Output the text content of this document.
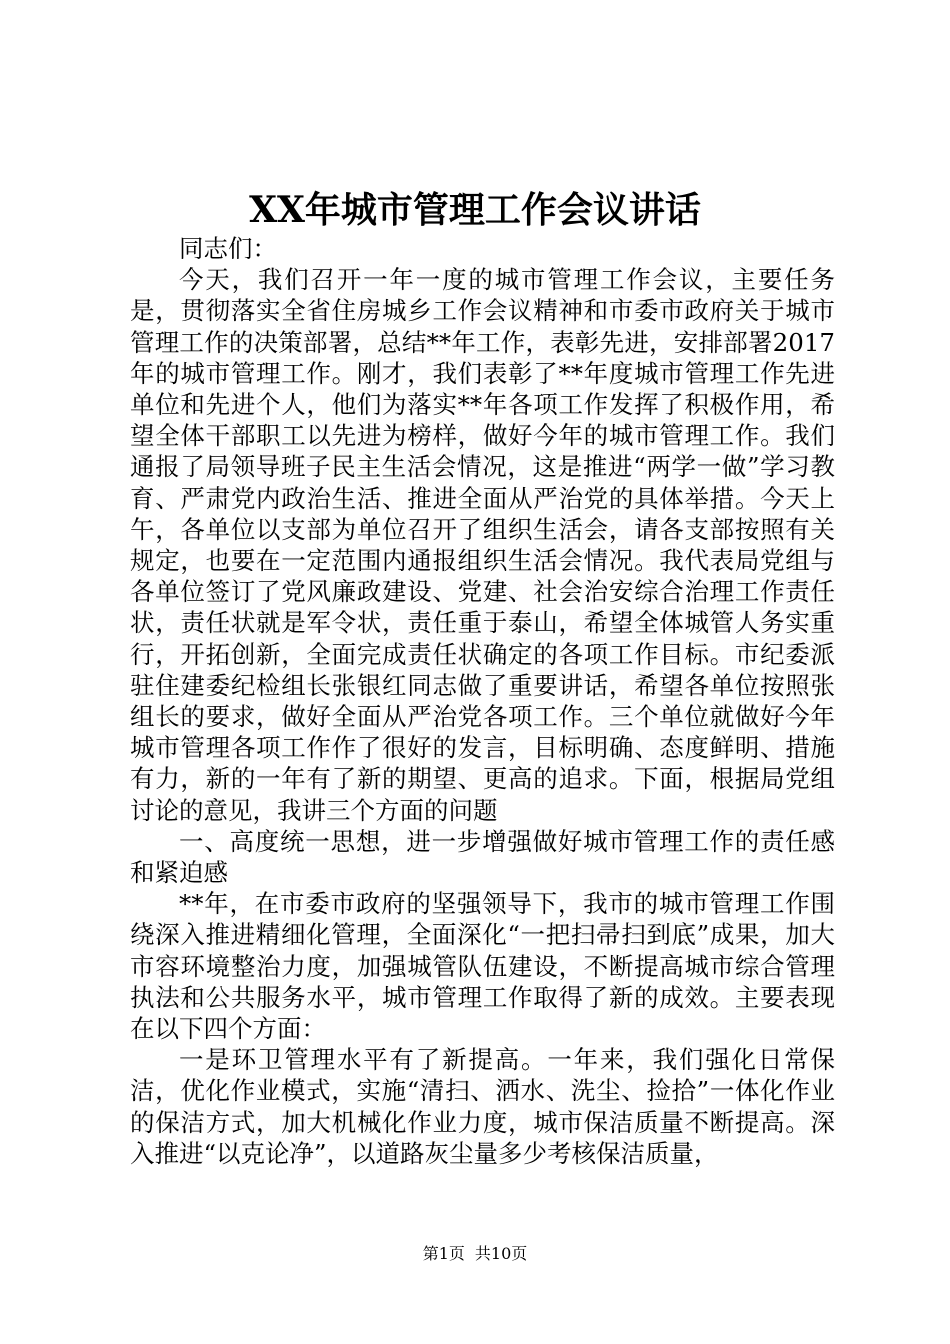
XX年城市管理工作会议讲话

同志们：

今天，我们召开一年一度的城市管理工作会议，主要任务是，贯彻落实全省住房城乡工作会议精神和市委市政府关于城市管理工作的决策部署，总结**年工作，表彰先进，安排部署2017年的城市管理工作。刚才，我们表彰了**年度城市管理工作先进单位和先进个人，他们为落实**年各项工作发挥了积极作用，希望全体干部职工以先进为榜样，做好今年的城市管理工作。我们通报了局领导班子民主生活会情况，这是推进“两学一做”学习教育、严肃党内政治生活、推进全面从严治党的具体举措。今天上午，各单位以支部为单位召开了组织生活会，请各支部按照有关规定，也要在一定范围内通报组织生活会情况。我代表局党组与各单位签订了党风廉政建设、党建、社会治安综合治理工作责任状，责任状就是军令状，责任重于泰山，希望全体城管人务实重行，开拓创新，全面完成责任状确定的各项工作目标。市纪委派驻住建委纪检组长张银红同志做了重要讲话，希望各单位按照张组长的要求，做好全面从严治党各项工作。三个单位就做好今年城市管理各项工作作了很好的发言，目标明确、态度鲜明、措施有力，新的一年有了新的期望、更高的追求。下面，根据局党组讨论的意见，我讲三个方面的问题

一、高度统一思想，进一步增强做好城市管理工作的责任感和紧迫感

**年，在市委市政府的坚强领导下，我市的城市管理工作围绕深入推进精细化管理，全面深化“一把扫帚扫到底”成果，加大市容环境整治力度，加强城管队伍建设，不断提高城市综合管理执法和公共服务水平，城市管理工作取得了新的成效。主要表现在以下四个方面：

一是环卫管理水平有了新提高。一年来，我们强化日常保洁，优化作业模式，实施“清扫、洒水、洗尘、捡拾”一体化作业的保洁方式，加大机械化作业力度，城市保洁质量不断提高。深入推进“以克论净”，以道路灰尘量多少考核保洁质量，

第1页 共10页
